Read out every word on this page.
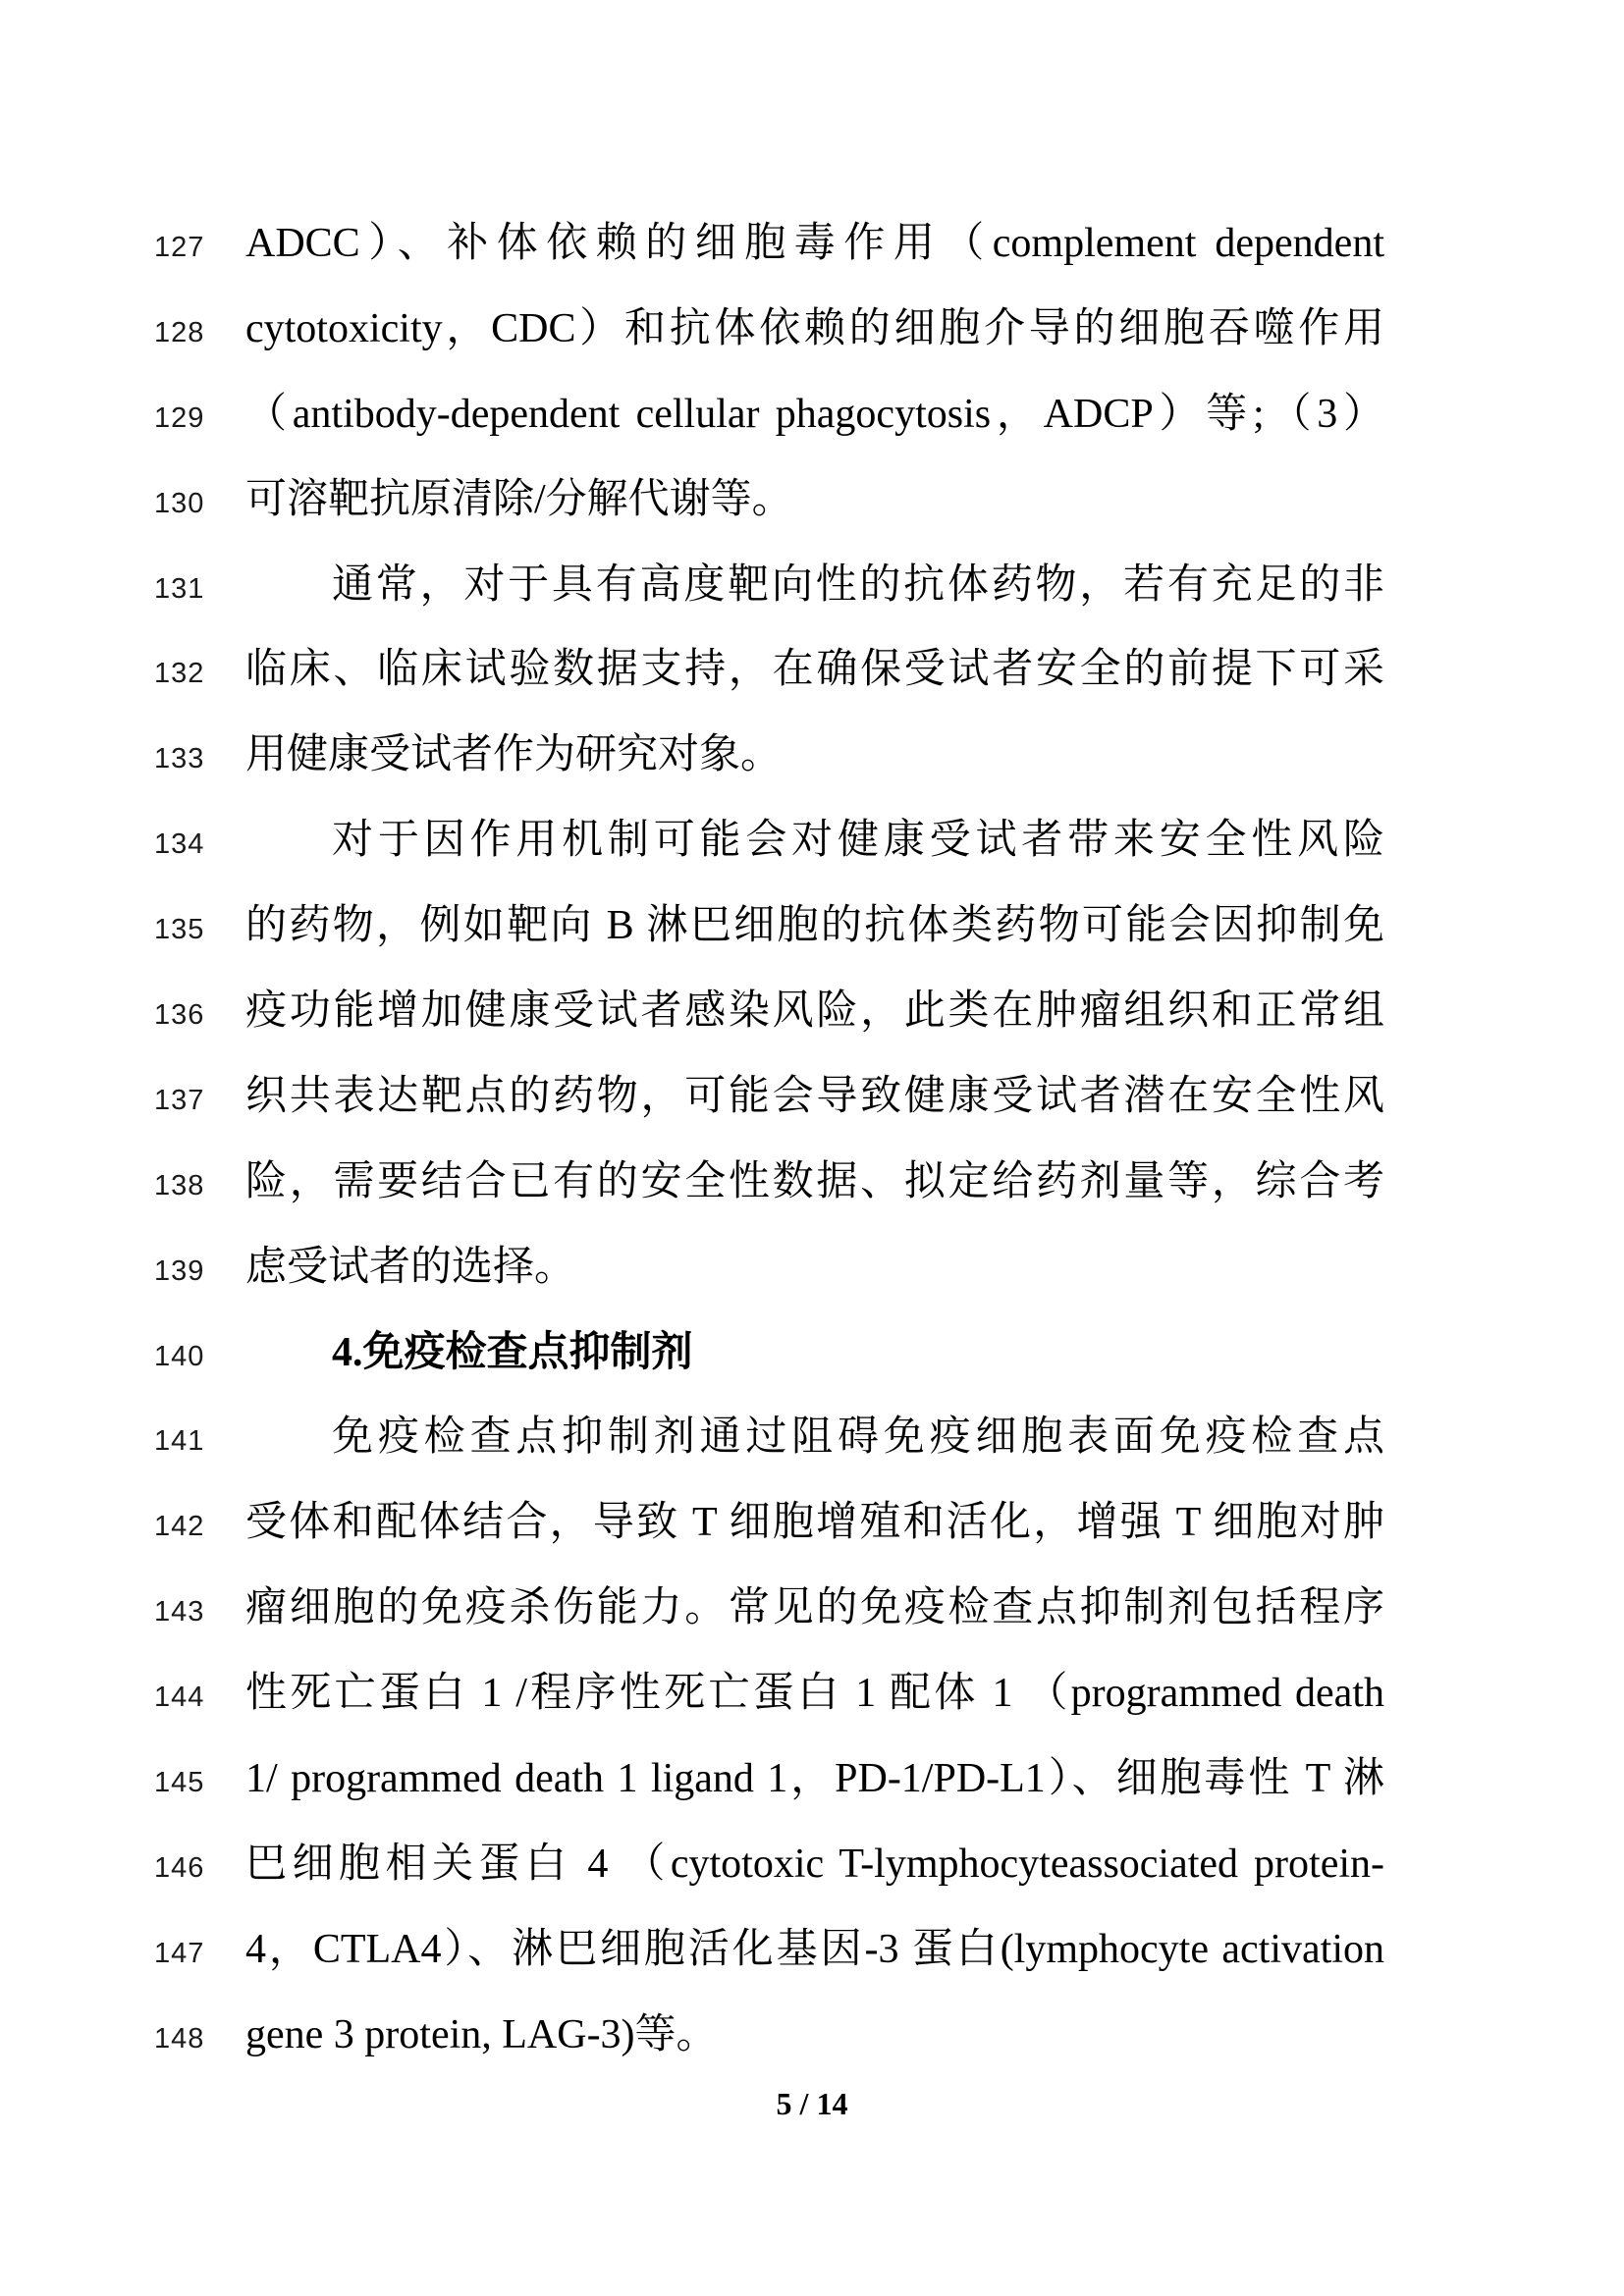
127 ADCC）、补体依赖的细胞毒作用（complement dependent
128 cytotoxicity，CDC）和抗体依赖的细胞介导的细胞吞噬作用
129 （antibody-dependent cellular phagocytosis，ADCP）等;（3）
130 可溶靶抗原清除/分解代谢等。
131	通常，对于具有高度靶向性的抗体药物，若有充足的非
132 临床、临床试验数据支持，在确保受试者安全的前提下可采
133 用健康受试者作为研究对象。
134	对于因作用机制可能会对健康受试者带来安全性风险
135 的药物，例如靶向 B 淋巴细胞的抗体类药物可能会因抑制免
136 疫功能增加健康受试者感染风险，此类在肿瘤组织和正常组
137 织共表达靶点的药物，可能会导致健康受试者潜在安全性风
138 险，需要结合已有的安全性数据、拟定给药剂量等，综合考
139 虑受试者的选择。
140	4.免疫检查点抑制剂
141	免疫检查点抑制剂通过阻碍免疫细胞表面免疫检查点
142 受体和配体结合，导致 T 细胞增殖和活化，增强 T 细胞对肿
143 瘤细胞的免疫杀伤能力。常见的免疫检查点抑制剂包括程序
144 性死亡蛋白 1 /程序性死亡蛋白 1 配体 1 （programmed death
145 1/ programmed death 1 ligand 1，PD-1/PD-L1）、细胞毒性 T 淋
146 巴细胞相关蛋白 4 （cytotoxic T-lymphocyteassociated protein-
147 4，CTLA4）、淋巴细胞活化基因-3 蛋白(lymphocyte activation
148 gene 3 protein, LAG-3)等。
5 / 14
